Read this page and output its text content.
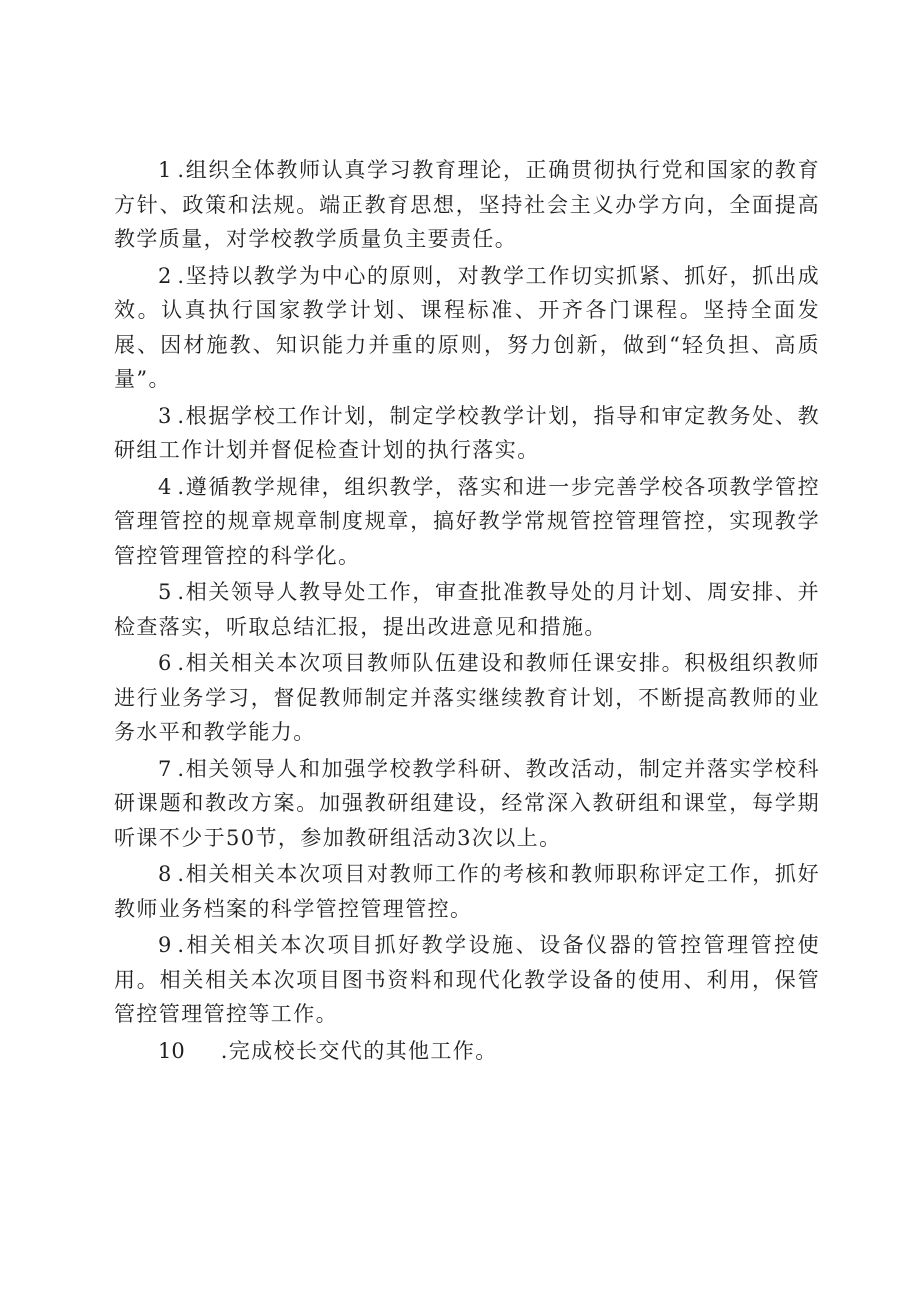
1 .组织全体教师认真学习教育理论，正确贯彻执行党和国家的教育方针、政策和法规。端正教育思想，坚持社会主义办学方向，全面提高教学质量，对学校教学质量负主要责任。

2 .坚持以教学为中心的原则，对教学工作切实抓紧、抓好，抓出成效。认真执行国家教学计划、课程标准、开齐各门课程。坚持全面发展、因材施教、知识能力并重的原则，努力创新，做到“轻负担、高质量”。

3 .根据学校工作计划，制定学校教学计划，指导和审定教务处、教研组工作计划并督促检查计划的执行落实。

4 .遵循教学规律，组织教学，落实和进一步完善学校各项教学管控管理管控的规章规章制度规章，搞好教学常规管控管理管控，实现教学管控管理管控的科学化。

5 .相关领导人教导处工作，审查批准教导处的月计划、周安排、并检查落实，听取总结汇报，提出改进意见和措施。

6 .相关相关本次项目教师队伍建设和教师任课安排。积极组织教师进行业务学习，督促教师制定并落实继续教育计划，不断提高教师的业务水平和教学能力。

7 .相关领导人和加强学校教学科研、教改活动，制定并落实学校科研课题和教改方案。加强教研组建设，经常深入教研组和课堂，每学期听课不少于50节，参加教研组活动3次以上。

8 .相关相关本次项目对教师工作的考核和教师职称评定工作，抓好教师业务档案的科学管控管理管控。

9 .相关相关本次项目抓好教学设施、设备仪器的管控管理管控使用。相关相关本次项目图书资料和现代化教学设备的使用、利用，保管管控管理管控等工作。

10 .完成校长交代的其他工作。
